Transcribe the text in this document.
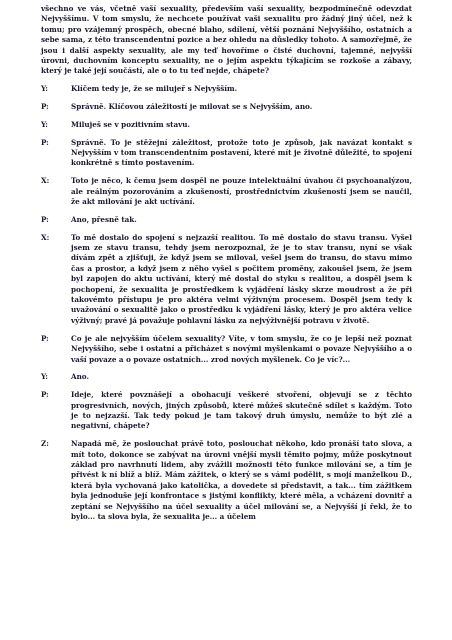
všechno ve vás, včetně vaší sexuality, především vaší sexuality, bezpodmínečně odevzdat Nejvyššímu. V tom smyslu, že nechcete používat vaši sexualitu pro žádný jiný účel, než k tomu; pro vzájemný prospěch, obecné blaho, sdílení, větší poznání Nejvyššího, ostatních a sebe sama, z této transcendentní pozice a bez ohledu na důsledky tohoto. A samozřejmě, že jsou i další aspekty sexuality, ale my teď hovoříme o čisté duchovní, tajemné, nejvyšší úrovni, duchovním konceptu sexuality, ne o jejím aspektu týkajícím se rozkoše a zábavy, který je také její součástí, ale o to tu teď nejde, chápete?
Y:	Klíčem tedy je, že se milujeř s Nejvyšším.
P:	Správně. Klíčovou záležitostí je milovat se s Nejvyšším, ano.
Y:	Miluješ se v pozitivním stavu.
P:	Správně. To je stěžejní záležitost, protože toto je způsob, jak navázat kontakt s Nejvyšším v tom transcendentním postavení, které mít je životně důležité, to spojení konkrétně s tímto postavením.
X:	Toto je něco, k čemu jsem dospěl ne pouze intelektuální úvahou či psychoanalýzou, ale reálným pozorováním a zkušeností, prostřednictvím zkušeností jsem se naučil, že akt milování je akt uctívání.
P:	Ano, přesně tak.
X:	To mě dostalo do spojení s nejzazší realitou. To mě dostalo do stavu transu. Vyšel jsem ze stavu transu, tehdy jsem nerozpoznal, že je to stav transu, nyní se však dívám zpět a zjišťuji, že když jsem se miloval, vešel jsem do transu, do stavu mimo čas a prostor, a když jsem z něho vyšel s počitem proměny, zakoušel jsem, že jsem byl zapojen do aktu uctívání, který mě dostal do styku s realitou, a dospěl jsem k pochopení, že sexualita je prostředkem k vyjádření lásky skrze moudrost a že při takovémto přístupu je pro aktéra velmi výživným procesem. Dospěl jsem tedy k uvažování o sexualitě jako o prostředku k vyjádření lásky, který je pro aktéra velice výživný; pravé já považuje pohlavní lásku za nejvýživnější potravu v životě.
P:	Co je ale nejvyšším účelem sexuality? Víte, v tom smyslu, že co je lepší než poznat Nejvyššího, sebe i ostatní a přicházet s novými myšlenkami o povaze Nejvyššího a o vaší povaze a o povaze ostatních... zrod nových myšlenek. Co je víc?...
Y:	Ano.
P:	Ideje, které povznášejí a obohacují veškeré stvoření, objevují se z těchto progresivních, nových, jiných způsobů, které můžeš skutečně sdílet s každým. Toto je to nejzazší. Tak tedy pokud je tam takový druh úmyslu, nemůže to být zlé a negativní, chápete?
Z:	Napadá mě, že poslouchat právě toto, poslouchat někoho, kdo pronáší tato slova, a mít toto, dokonce se zabývat na úrovni vnější mysli těmito pojmy, může poskytnout základ pro navrhnutí lidem, aby zvážili možnosti této funkce milování se, a tím je přivést k ní blíž a blíž. Mám zážitek, o který se s vámi podělit, s mojí manželkou D., která byla vychovaná jako katolička, a dovedete si představit, a tak... tím zážitkem byla jednoduše její konfrontace s jistými konflikty, které měla, a vcházení dovnitř a zeptání se Nejvyššího na účel sexuality a účel milování se, a Nejvyšší jí řekl, že to bylo... ta slova byla, že sexualita je... a účelem
